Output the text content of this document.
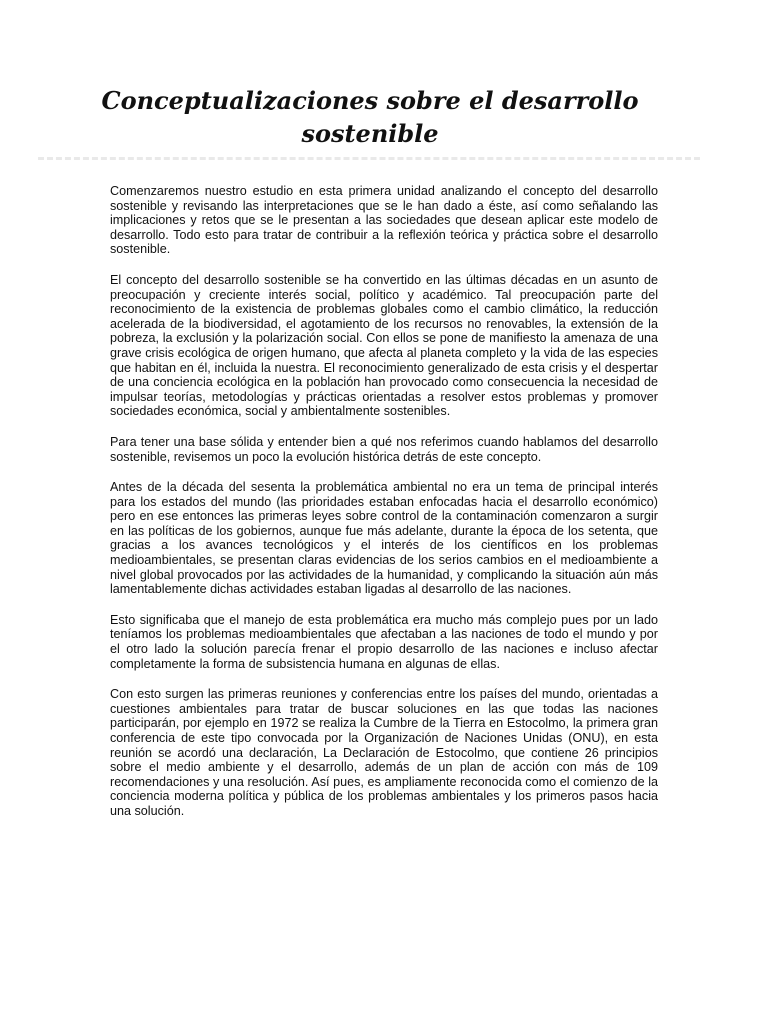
Conceptualizaciones sobre el desarrollo sostenible

Comenzaremos nuestro estudio en esta primera unidad analizando el concepto del desarrollo sostenible y revisando las interpretaciones que se le han dado a éste, así como señalando las implicaciones y retos que se le presentan a las sociedades que desean aplicar este modelo de desarrollo. Todo esto para tratar de contribuir a la reflexión teórica y práctica sobre el desarrollo sostenible.

El concepto del desarrollo sostenible se ha convertido en las últimas décadas en un asunto de preocupación y creciente interés social, político y académico. Tal preocupación parte del reconocimiento de la existencia de problemas globales como el cambio climático, la reducción acelerada de la biodiversidad, el agotamiento de los recursos no renovables, la extensión de la pobreza, la exclusión y la polarización social. Con ellos se pone de manifiesto la amenaza de una grave crisis ecológica de origen humano, que afecta al planeta completo y la vida de las especies que habitan en él, incluida la nuestra. El reconocimiento generalizado de esta crisis y el despertar de una conciencia ecológica en la población han provocado como consecuencia la necesidad de impulsar teorías, metodologías y prácticas orientadas a resolver estos problemas y promover sociedades económica, social y ambientalmente sostenibles.

Para tener una base sólida y entender bien a qué nos referimos cuando hablamos del desarrollo sostenible, revisemos un poco la evolución histórica detrás de este concepto.

Antes de la década del sesenta la problemática ambiental no era un tema de principal interés para los estados del mundo (las prioridades estaban enfocadas hacia el desarrollo económico) pero en ese entonces las primeras leyes sobre control de la contaminación comenzaron a surgir en las políticas de los gobiernos, aunque fue más adelante, durante la época de los setenta, que gracias a los avances tecnológicos y el interés de los científicos en los problemas medioambientales, se presentan claras evidencias de los serios cambios en el medioambiente a nivel global provocados por las actividades de la humanidad, y complicando la situación aún más lamentablemente dichas actividades estaban ligadas al desarrollo de las naciones.

Esto significaba que el manejo de esta problemática era mucho más complejo pues por un lado teníamos los problemas medioambientales que afectaban a las naciones de todo el mundo y por el otro lado la solución parecía frenar el propio desarrollo de las naciones e incluso afectar completamente la forma de subsistencia humana en algunas de ellas.

Con esto surgen las primeras reuniones y conferencias entre los países del mundo, orientadas a cuestiones ambientales para tratar de buscar soluciones en las que todas las naciones participarán, por ejemplo en 1972 se realiza la Cumbre de la Tierra en Estocolmo, la primera gran conferencia de este tipo convocada por la Organización de Naciones Unidas (ONU), en esta reunión se acordó una declaración, La Declaración de Estocolmo, que contiene 26 principios sobre el medio ambiente y el desarrollo, además de un plan de acción con más de 109 recomendaciones y una resolución. Así pues, es ampliamente reconocida como el comienzo de la conciencia moderna política y pública de los problemas ambientales y los primeros pasos hacia una solución.
